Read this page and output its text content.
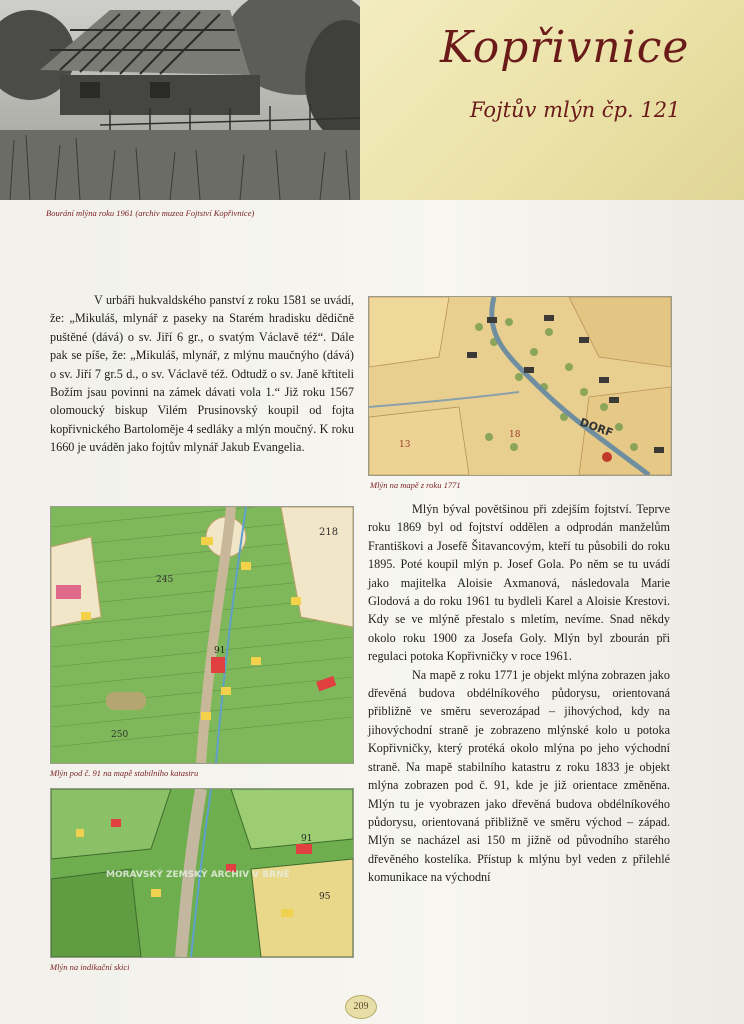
Kopřivnice
Fojtův mlýn čp. 121
Bourání mlýna roku 1961 (archiv muzea Fojtství Kopřivnice)

V urbáři hukvaldského panství z roku 1581 se uvádí, že: „Mikuláš, mlynář z paseky na Starém hradisku dědičně puštěné (dává) o sv. Jiří 6 gr., o svatým Václavě též“. Dále pak se píše, že: „Mikuláš, mlynář, z mlýnu maučnýho (dává) o sv. Jiří 7 gr.5 d., o sv. Václavě též. Odtudž o sv. Janě křtiteli Božím jsau povinni na zámek dávati vola 1.“ Již roku 1567 olomoucký biskup Vilém Prusinovský koupil od fojta kopřivnického Bartoloměje 4 sedláky a mlýn moučný. K roku 1660 je uváděn jako fojtův mlynář Jakub Evangelia.

DORF
13
18
Mlýn na mapě z roku 1771
218
91
245
250
Mlýn pod č. 91 na mapě stabilního katastru
MORAVSKÝ ZEMSKÝ ARCHIV V BRNĚ
91
95
Mlýn na indikační skici

Mlýn býval povětšinou při zdejším fojtství. Teprve roku 1869 byl od fojtství oddělen a odprodán manželům Františkovi a Josefě Šitavancovým, kteří tu působili do roku 1895. Poté koupil mlýn p. Josef Gola. Po něm se tu uvádí jako majitelka Aloisie Axmanová, následovala Marie Glodová a do roku 1961 tu bydleli Karel a Aloisie Krestovi. Kdy se ve mlýně přestalo s mletím, nevíme. Snad někdy okolo roku 1900 za Josefa Goly. Mlýn byl zbourán při regulaci potoka Kopřivničky v roce 1961.

Na mapě z roku 1771 je objekt mlýna zobrazen jako dřevěná budova obdélníkového půdorysu, orientovaná přibližně ve směru severozápad – jihovýchod, kdy na jihovýchodní straně je zobrazeno mlýnské kolo u potoka Kopřivničky, který protéká okolo mlýna po jeho východní straně. Na mapě stabilního katastru z roku 1833 je objekt mlýna zobrazen pod č. 91, kde je již orientace změněna. Mlýn tu je vyobrazen jako dřevěná budova obdélníkového půdorysu, orientovaná přibližně ve směru východ – západ. Mlýn se nacházel asi 150 m jižně od původního starého dřevěného kostelíka. Přístup k mlýnu byl veden z přilehlé komunikace na východní

209
